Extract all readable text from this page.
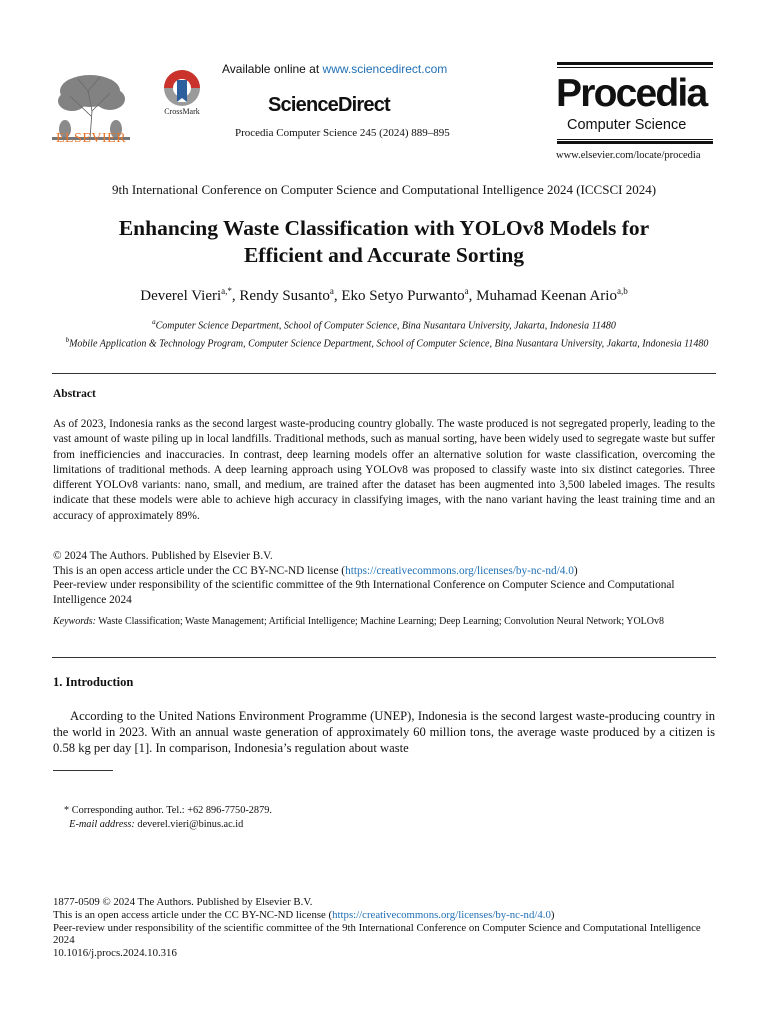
ELSEVIER
CrossMark
Available online at www.sciencedirect.com
ScienceDirect
Procedia Computer Science 245 (2024) 889–895
Procedia
Computer Science
www.elsevier.com/locate/procedia
9th International Conference on Computer Science and Computational Intelligence 2024 (ICCSCI 2024)
Enhancing Waste Classification with YOLOv8 Models for
Efficient and Accurate Sorting
Deverel Vieri$^{a,*}$, Rendy Susanto$^a$, Eko Setyo Purwanto$^a$, Muhamad Keenan Ario$^{a,b}$
$^a$Computer Science Department, School of Computer Science, Bina Nusantara University, Jakarta, Indonesia 11480
$^b$Mobile Application & Technology Program, Computer Science Department, School of Computer Science, Bina Nusantara University, Jakarta, Indonesia 11480
Abstract
As of 2023, Indonesia ranks as the second largest waste-producing country globally. The waste produced is not segregated properly, leading to the vast amount of waste piling up in local landfills. Traditional methods, such as manual sorting, have been widely used to segregate waste but suffer from inefficiencies and inaccuracies. In contrast, deep learning models offer an alternative solution for waste classification, overcoming the limitations of traditional methods. A deep learning approach using YOLOv8 was proposed to classify waste into six distinct categories. Three different YOLOv8 variants: nano, small, and medium, are trained after the dataset has been augmented into 3,500 labeled images. The results indicate that these models were able to achieve high accuracy in classifying images, with the nano variant having the least training time and an accuracy of approximately 89%.
© 2024 The Authors. Published by Elsevier B.V.
This is an open access article under the CC BY-NC-ND license (https://creativecommons.org/licenses/by-nc-nd/4.0)
Peer-review under responsibility of the scientific committee of the 9th International Conference on Computer Science and Computational Intelligence 2024
Keywords: Waste Classification; Waste Management; Artificial Intelligence; Machine Learning; Deep Learning; Convolution Neural Network; YOLOv8
1. Introduction
According to the United Nations Environment Programme (UNEP), Indonesia is the second largest waste-producing country in the world in 2023. With an annual waste generation of approximately 60 million tons, the average waste produced by a citizen is 0.58 kg per day [1]. In comparison, Indonesia’s regulation about waste
* Corresponding author. Tel.: +62 896-7750-2879.
E-mail address: deverel.vieri@binus.ac.id
1877-0509 © 2024 The Authors. Published by Elsevier B.V.
This is an open access article under the CC BY-NC-ND license (https://creativecommons.org/licenses/by-nc-nd/4.0)
Peer-review under responsibility of the scientific committee of the 9th International Conference on Computer Science and Computational Intelligence 2024
10.1016/j.procs.2024.10.316
